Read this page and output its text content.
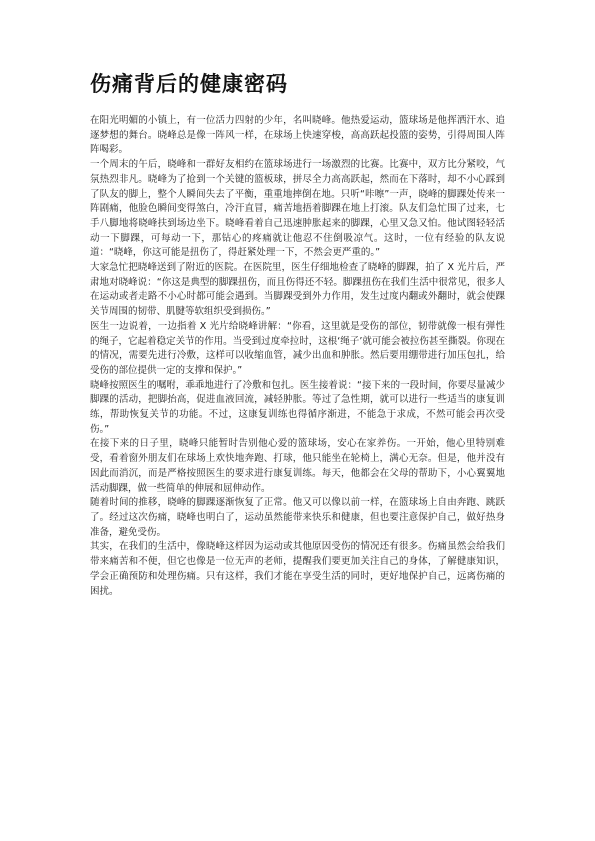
伤痛背后的健康密码

在阳光明媚的小镇上，有一位活力四射的少年，名叫晓峰。他热爱运动，篮球场是他挥洒汗水、追逐梦想的舞台。晓峰总是像一阵风一样，在球场上快速穿梭，高高跃起投篮的姿势，引得周围人阵阵喝彩。

一个周末的午后，晓峰和一群好友相约在篮球场进行一场激烈的比赛。比赛中，双方比分紧咬，气氛热烈非凡。晓峰为了抢到一个关键的篮板球，拼尽全力高高跃起，然而在下落时，却不小心踩到了队友的脚上，整个人瞬间失去了平衡，重重地摔倒在地。只听“咔嚓”一声，晓峰的脚踝处传来一阵剧痛，他脸色瞬间变得煞白，冷汗直冒，痛苦地捂着脚踝在地上打滚。队友们急忙围了过来，七手八脚地将晓峰扶到场边坐下。晓峰看着自己迅速肿胀起来的脚踝，心里又急又怕。他试图轻轻活动一下脚踝，可每动一下，那钻心的疼痛就让他忍不住倒吸凉气。这时，一位有经验的队友说道：“晓峰，你这可能是扭伤了，得赶紧处理一下，不然会更严重的。”

大家急忙把晓峰送到了附近的医院。在医院里，医生仔细地检查了晓峰的脚踝，拍了 X 光片后，严肃地对晓峰说：“你这是典型的脚踝扭伤，而且伤得还不轻。脚踝扭伤在我们生活中很常见，很多人在运动或者走路不小心时都可能会遇到。当脚踝受到外力作用，发生过度内翻或外翻时，就会使踝关节周围的韧带、肌腱等软组织受到损伤。”

医生一边说着，一边指着 X 光片给晓峰讲解：“你看，这里就是受伤的部位，韧带就像一根有弹性的绳子，它起着稳定关节的作用。当受到过度牵拉时，这根‘绳子’就可能会被拉伤甚至撕裂。你现在的情况，需要先进行冷敷，这样可以收缩血管，减少出血和肿胀。然后要用绷带进行加压包扎，给受伤的部位提供一定的支撑和保护。”

晓峰按照医生的嘱咐，乖乖地进行了冷敷和包扎。医生接着说：“接下来的一段时间，你要尽量减少脚踝的活动，把脚抬高，促进血液回流，减轻肿胀。等过了急性期，就可以进行一些适当的康复训练，帮助恢复关节的功能。不过，这康复训练也得循序渐进，不能急于求成，不然可能会再次受伤。”

在接下来的日子里，晓峰只能暂时告别他心爱的篮球场，安心在家养伤。一开始，他心里特别难受，看着窗外朋友们在球场上欢快地奔跑、打球，他只能坐在轮椅上，满心无奈。但是，他并没有因此而消沉，而是严格按照医生的要求进行康复训练。每天，他都会在父母的帮助下，小心翼翼地活动脚踝，做一些简单的伸展和屈伸动作。

随着时间的推移，晓峰的脚踝逐渐恢复了正常。他又可以像以前一样，在篮球场上自由奔跑、跳跃了。经过这次伤痛，晓峰也明白了，运动虽然能带来快乐和健康，但也要注意保护自己，做好热身准备，避免受伤。

其实，在我们的生活中，像晓峰这样因为运动或其他原因受伤的情况还有很多。伤痛虽然会给我们带来痛苦和不便，但它也像是一位无声的老师，提醒我们要更加关注自己的身体，了解健康知识，学会正确预防和处理伤痛。只有这样，我们才能在享受生活的同时，更好地保护自己，远离伤痛的困扰。
